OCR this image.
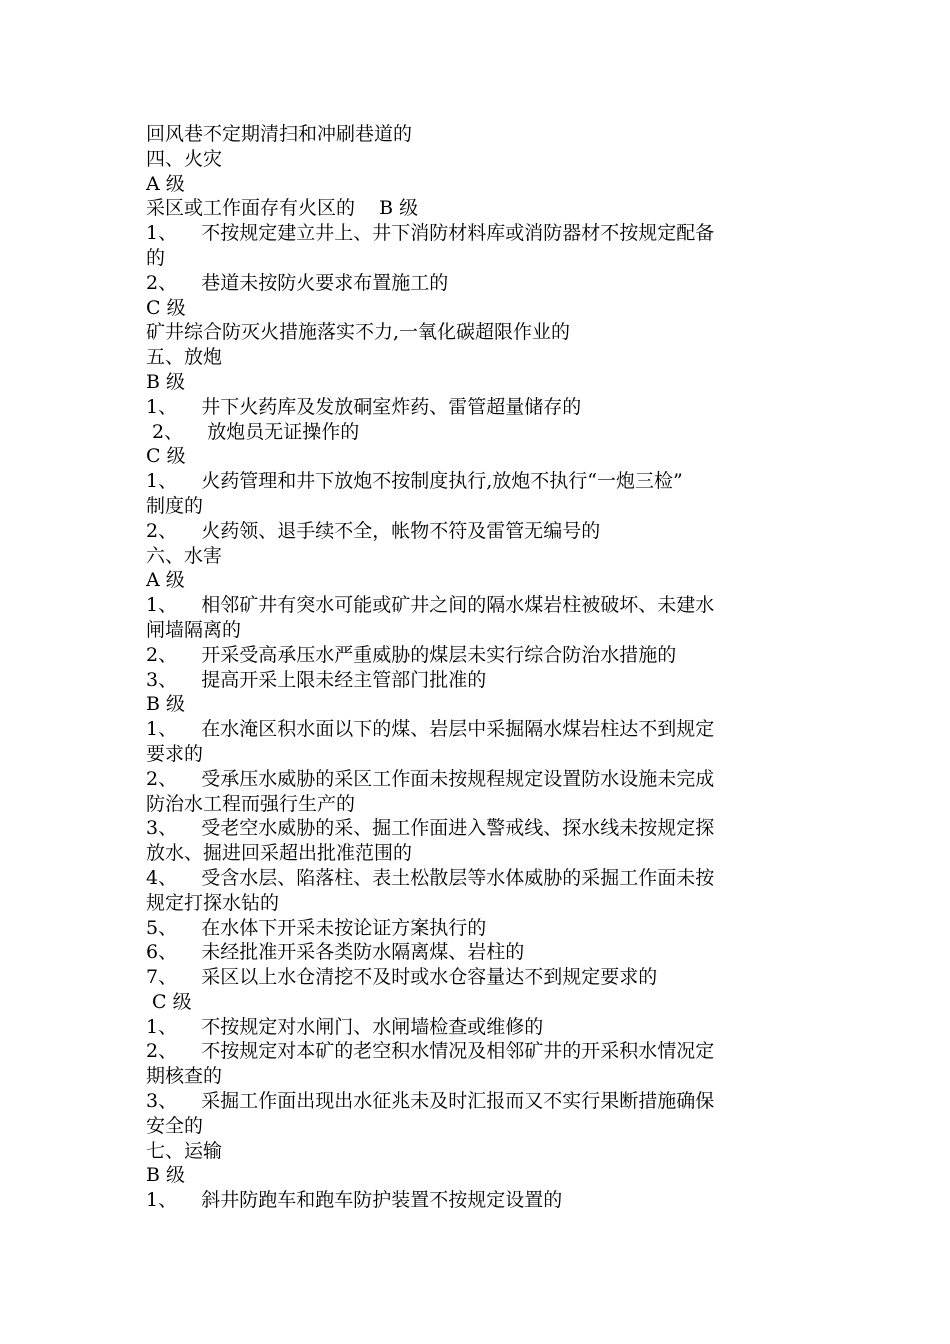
回风巷不定期清扫和冲刷巷道的
四、火灾
A 级
采区或工作面存有火区的    B 级
1、    不按规定建立井上、井下消防材料库或消防器材不按规定配备
的
2、    巷道未按防火要求布置施工的
C 级
矿井综合防灭火措施落实不力,一氧化碳超限作业的
五、放炮
B 级
1、    井下火药库及发放硐室炸药、雷管超量储存的
2、    放炮员无证操作的
C 级
1、    火药管理和井下放炮不按制度执行,放炮不执行“一炮三检”
制度的
2、    火药领、退手续不全，帐物不符及雷管无编号的
六、水害
A 级
1、    相邻矿井有突水可能或矿井之间的隔水煤岩柱被破坏、未建水
闸墙隔离的
2、    开采受高承压水严重威胁的煤层未实行综合防治水措施的
3、    提高开采上限未经主管部门批准的
B 级
1、    在水淹区积水面以下的煤、岩层中采掘隔水煤岩柱达不到规定
要求的
2、    受承压水威胁的采区工作面未按规程规定设置防水设施未完成
防治水工程而强行生产的
3、    受老空水威胁的采、掘工作面进入警戒线、探水线未按规定探
放水、掘进回采超出批准范围的
4、    受含水层、陷落柱、表土松散层等水体威胁的采掘工作面未按
规定打探水钻的
5、    在水体下开采未按论证方案执行的
6、    未经批准开采各类防水隔离煤、岩柱的
7、    采区以上水仓清挖不及时或水仓容量达不到规定要求的
C 级
1、    不按规定对水闸门、水闸墙检查或维修的
2、    不按规定对本矿的老空积水情况及相邻矿井的开采积水情况定
期核查的
3、    采掘工作面出现出水征兆未及时汇报而又不实行果断措施确保
安全的
七、运输
B 级
1、    斜井防跑车和跑车防护装置不按规定设置的
